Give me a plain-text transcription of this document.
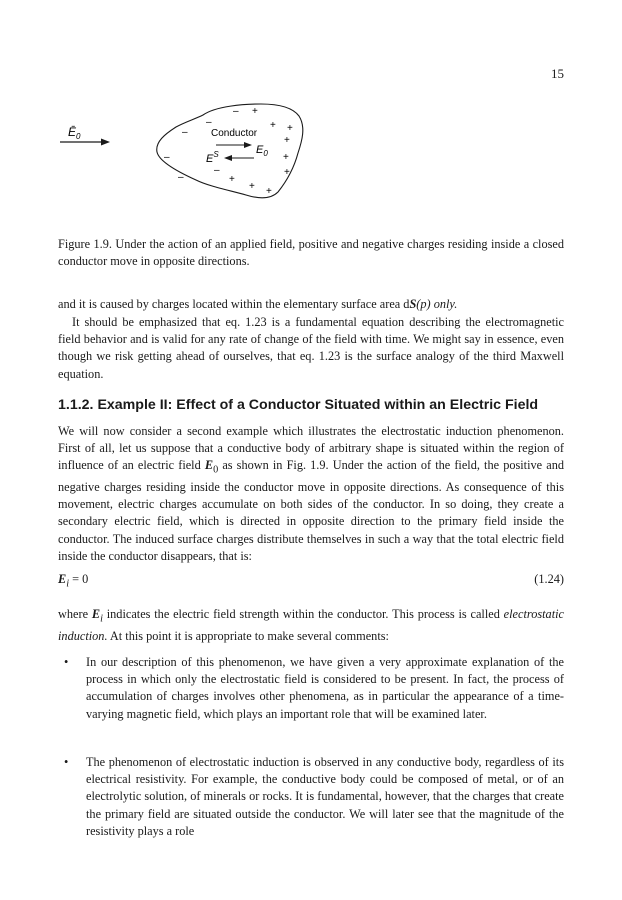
15
$Ē_0$	Conductor
$E_0$
$E^S$
+
+ +
+
+
+
+
+ +
–
–
–
–
–
–
Figure 1.9. Under the action of an applied field, positive and negative charges residing inside a closed conductor move in opposite directions.

and it is caused by charges located within the elementary surface area dS(p) only.

It should be emphasized that eq. 1.23 is a fundamental equation describing the electromagnetic field behavior and is valid for any rate of change of the field with time. We might say in essence, even though we risk getting ahead of ourselves, that eq. 1.23 is the surface analogy of the third Maxwell equation.

1.1.2. Example II: Effect of a Conductor Situated within an Electric Field

We will now consider a second example which illustrates the electrostatic induction phenomenon. First of all, let us suppose that a conductive body of arbitrary shape is situated within the region of influence of an electric field $E_0$ as shown in Fig. 1.9. Under the action of the field, the positive and negative charges residing inside the conductor move in opposite directions. As consequence of this movement, electric charges accumulate on both sides of the conductor. In so doing, they create a secondary electric field, which is directed in opposite direction to the primary field inside the conductor. The induced surface charges distribute themselves in such a way that the total electric field inside the conductor disappears, that is:

$E_i = 0$	(1.24)

where $E_i$ indicates the electric field strength within the conductor. This process is called electrostatic induction. At this point it is appropriate to make several comments:

• In our description of this phenomenon, we have given a very approximate explanation of the process in which only the electrostatic field is considered to be present. In fact, the process of accumulation of charges involves other phenomena, as in particular the appearance of a time-varying magnetic field, which plays an important role that will be examined later.
• The phenomenon of electrostatic induction is observed in any conductive body, regardless of its electrical resistivity. For example, the conductive body could be composed of metal, or of an electrolytic solution, of minerals or rocks. It is fundamental, however, that the charges that create the primary field are situated outside the conductor. We will later see that the magnitude of the resistivity plays a role
